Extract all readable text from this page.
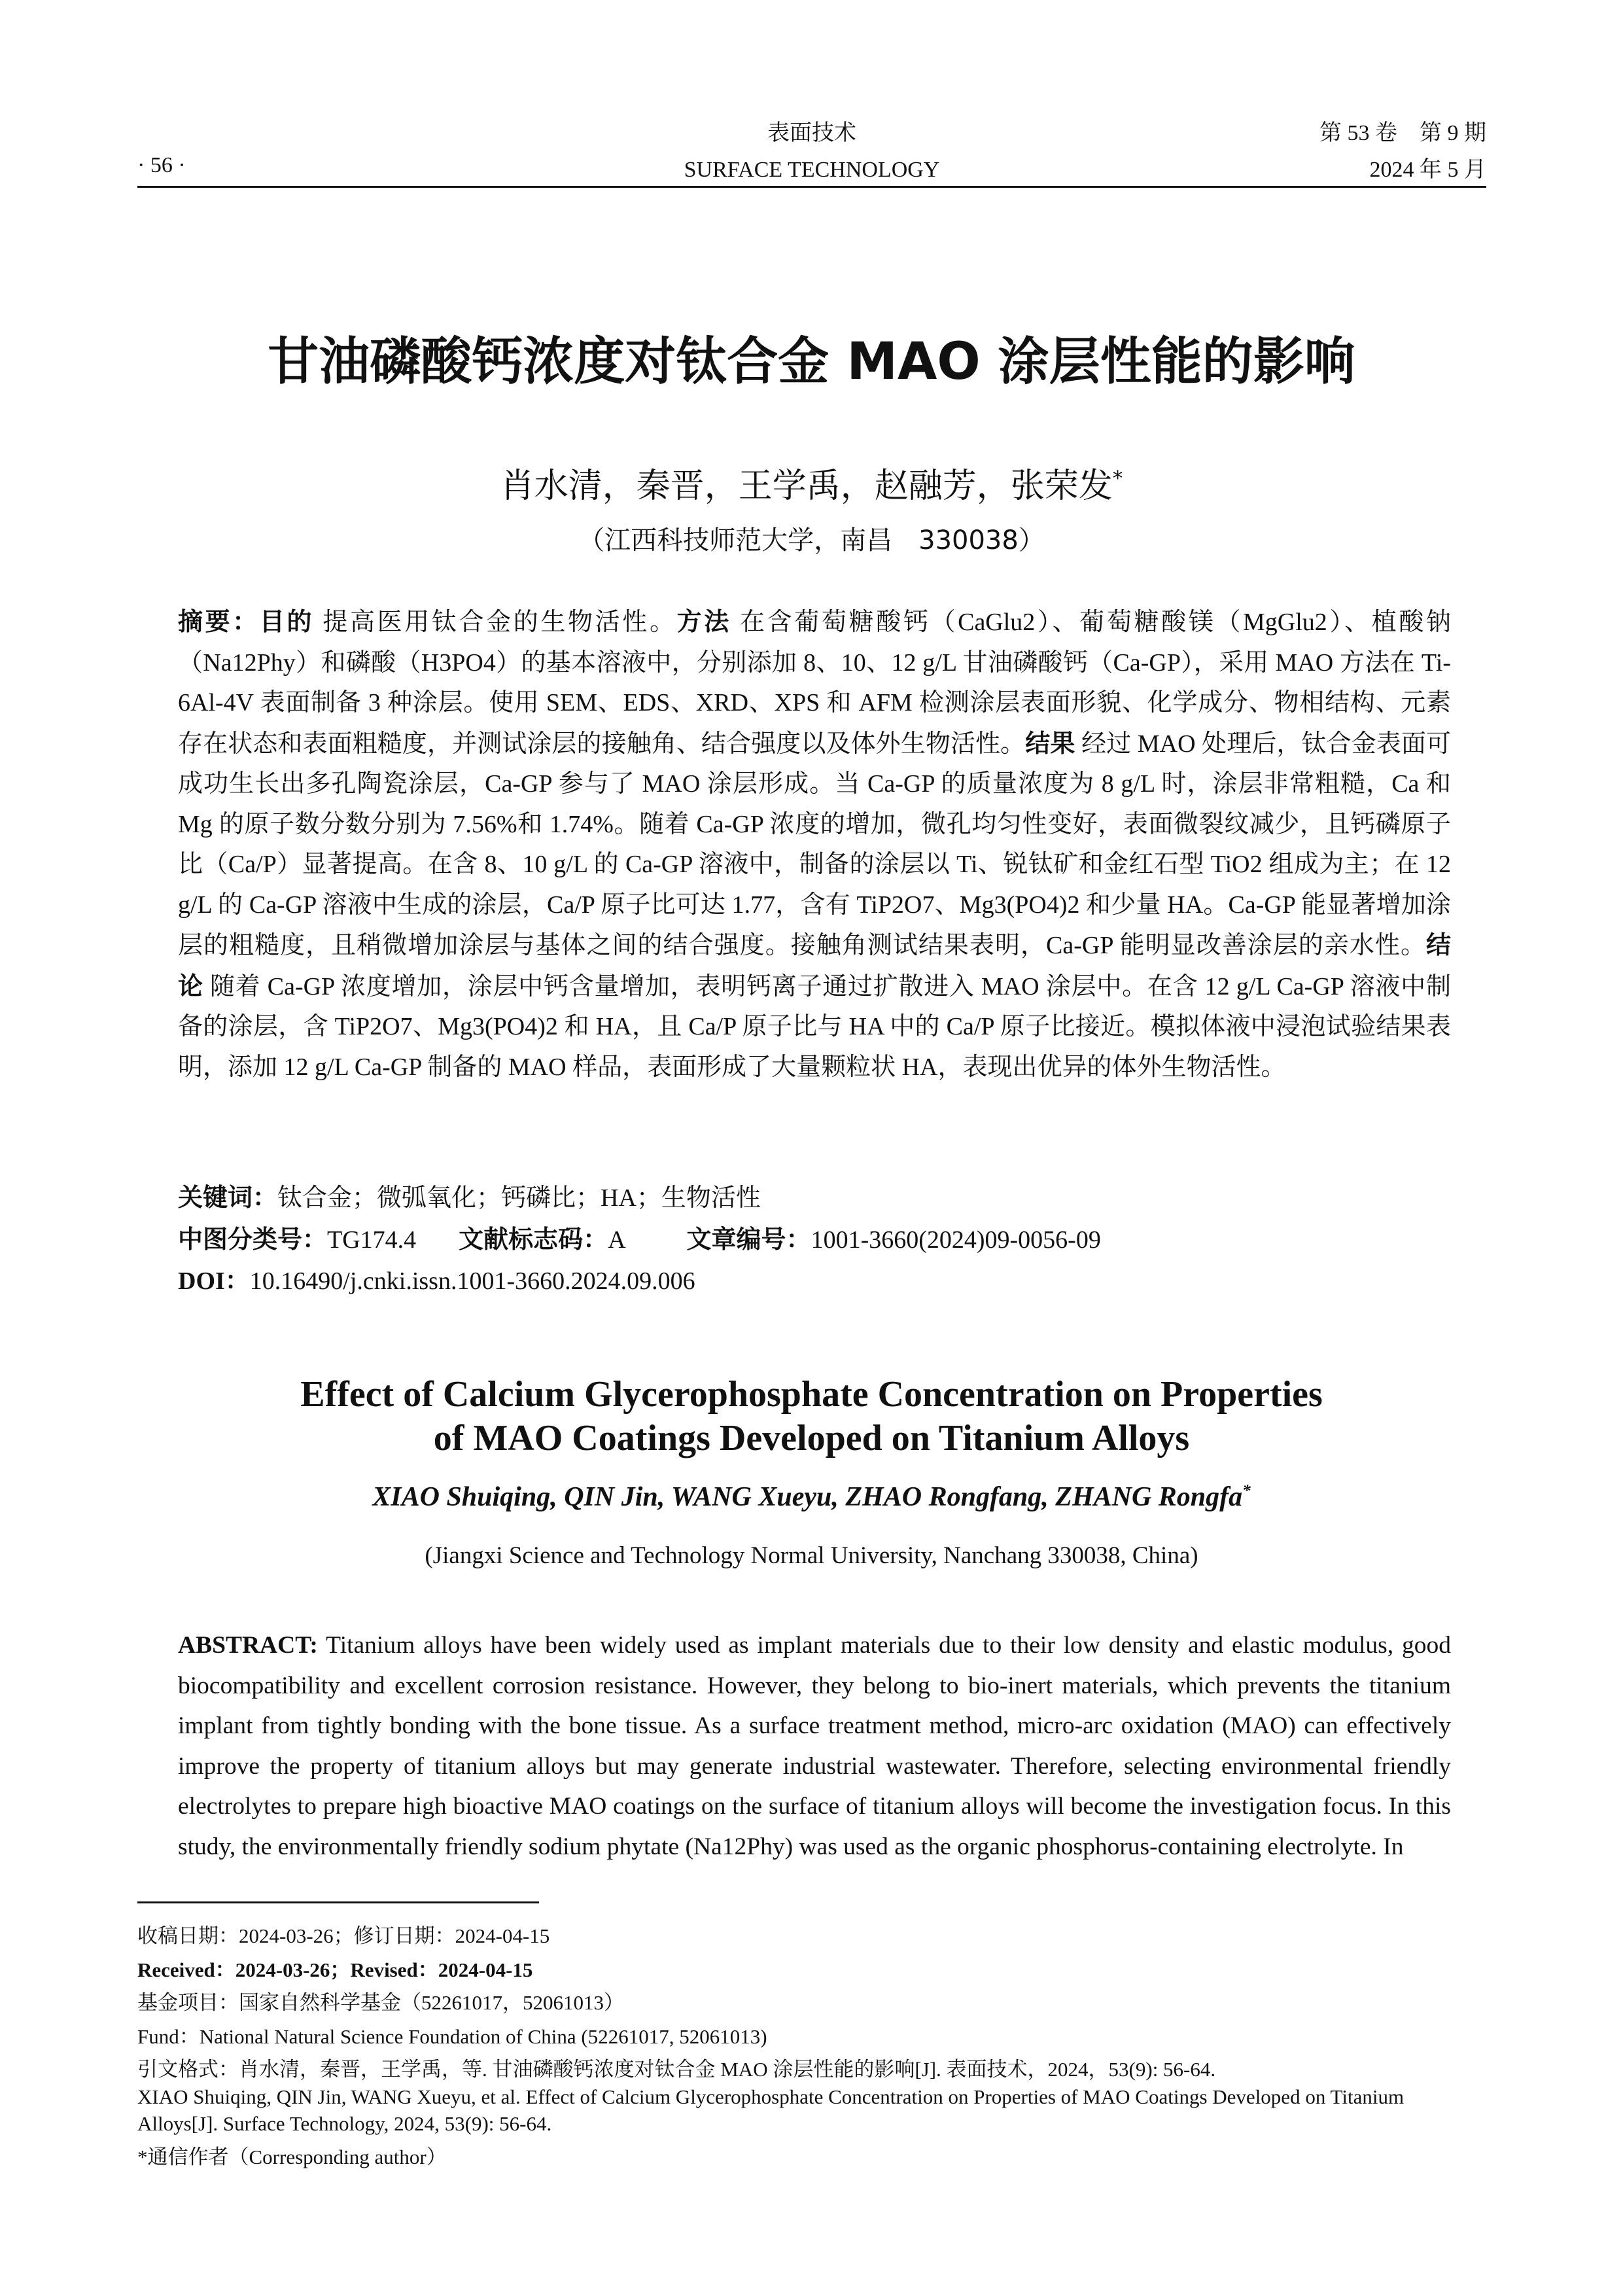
· 56 ·
表面技术
SURFACE TECHNOLOGY
第 53 卷　第 9 期
2024 年 5 月
甘油磷酸钙浓度对钛合金 MAO 涂层性能的影响
肖水清，秦晋，王学禹，赵融芳，张荣发*
（江西科技师范大学，南昌　330038）
摘要：目的 提高医用钛合金的生物活性。方法 在含葡萄糖酸钙（CaGlu2）、葡萄糖酸镁（MgGlu2）、植酸钠（Na12Phy）和磷酸（H3PO4）的基本溶液中，分别添加 8、10、12 g/L 甘油磷酸钙（Ca-GP），采用 MAO 方法在 Ti-6Al-4V 表面制备 3 种涂层。使用 SEM、EDS、XRD、XPS 和 AFM 检测涂层表面形貌、化学成分、物相结构、元素存在状态和表面粗糙度，并测试涂层的接触角、结合强度以及体外生物活性。结果 经过 MAO 处理后，钛合金表面可成功生长出多孔陶瓷涂层，Ca-GP 参与了 MAO 涂层形成。当 Ca-GP 的质量浓度为 8 g/L 时，涂层非常粗糙，Ca 和 Mg 的原子数分数分别为 7.56%和 1.74%。随着 Ca-GP 浓度的增加，微孔均匀性变好，表面微裂纹减少，且钙磷原子比（Ca/P）显著提高。在含 8、10 g/L 的 Ca-GP 溶液中，制备的涂层以 Ti、锐钛矿和金红石型 TiO2 组成为主；在 12 g/L 的 Ca-GP 溶液中生成的涂层，Ca/P 原子比可达 1.77，含有 TiP2O7、Mg3(PO4)2 和少量 HA。Ca-GP 能显著增加涂层的粗糙度，且稍微增加涂层与基体之间的结合强度。接触角测试结果表明，Ca-GP 能明显改善涂层的亲水性。结论 随着 Ca-GP 浓度增加，涂层中钙含量增加，表明钙离子通过扩散进入 MAO 涂层中。在含 12 g/L Ca-GP 溶液中制备的涂层，含 TiP2O7、Mg3(PO4)2 和 HA，且 Ca/P 原子比与 HA 中的 Ca/P 原子比接近。模拟体液中浸泡试验结果表明，添加 12 g/L Ca-GP 制备的 MAO 样品，表面形成了大量颗粒状 HA，表现出优异的体外生物活性。
关键词：钛合金；微弧氧化；钙磷比；HA；生物活性
中图分类号：TG174.4 文献标志码：A	文章编号：1001-3660(2024)09-0056-09
DOI：10.16490/j.cnki.issn.1001-3660.2024.09.006
Effect of Calcium Glycerophosphate Concentration on Properties
of MAO Coatings Developed on Titanium Alloys
XIAO Shuiqing, QIN Jin, WANG Xueyu, ZHAO Rongfang, ZHANG Rongfa*
(Jiangxi Science and Technology Normal University, Nanchang 330038, China)
ABSTRACT: Titanium alloys have been widely used as implant materials due to their low density and elastic modulus, good biocompatibility and excellent corrosion resistance. However, they belong to bio-inert materials, which prevents the titanium implant from tightly bonding with the bone tissue. As a surface treatment method, micro-arc oxidation (MAO) can effectively improve the property of titanium alloys but may generate industrial wastewater. Therefore, selecting environmental friendly electrolytes to prepare high bioactive MAO coatings on the surface of titanium alloys will become the investigation focus. In this study, the environmentally friendly sodium phytate (Na12Phy) was used as the organic phosphorus-containing electrolyte. In
收稿日期：2024-03-26；修订日期：2024-04-15
Received：2024-03-26；Revised：2024-04-15
基金项目：国家自然科学基金（52261017，52061013）
Fund：National Natural Science Foundation of China (52261017, 52061013)
引文格式：肖水清，秦晋，王学禹，等. 甘油磷酸钙浓度对钛合金 MAO 涂层性能的影响[J]. 表面技术，2024，53(9): 56-64.
XIAO Shuiqing, QIN Jin, WANG Xueyu, et al. Effect of Calcium Glycerophosphate Concentration on Properties of MAO Coatings Developed on Titanium Alloys[J]. Surface Technology, 2024, 53(9): 56-64.
*通信作者（Corresponding author）
